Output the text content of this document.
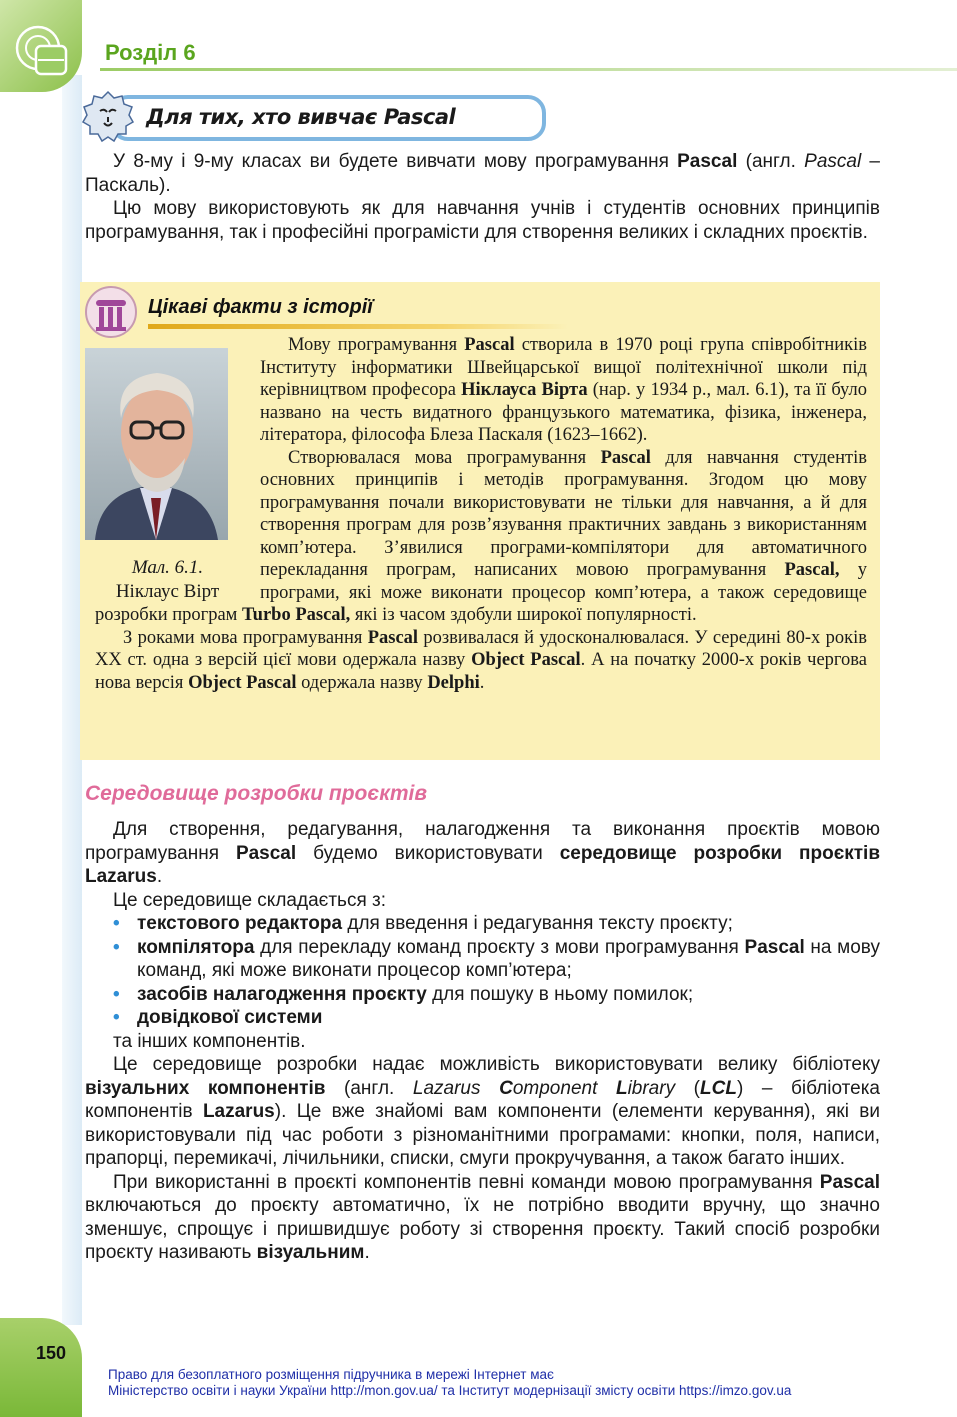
Розділ 6
Для тих, хто вивчає Pascal

У 8-му і 9-му класах ви будете вивчати мову програмування Pascal (англ. Pascal – Паскаль).

Цю мову використовують як для навчання учнів і студентів основних принципів програмування, так і професійні програмісти для створення великих і складних проєктів.

Цікаві факти з історії
Мал. 6.1.
Ніклаус Вірт

Мову програмування Pascal створила в 1970 році група співробітників Інституту інформатики Швейцарської вищої політехнічної школи під керівництвом професора Ніклауса Вірта (нар. у 1934 р., мал. 6.1), та її було названо на честь видатного французького математика, фізика, інженера, літератора, філософа Блеза Паскаля (1623–1662).

Створювалася мова програмування Pascal для навчання студентів основних принципів і методів програмування. Згодом цю мову програмування почали використовувати не тільки для навчання, а й для створення програм для розв’язування практичних завдань з використанням комп’ютера. З’явилися програми-компілятори для автоматичного перекладання програм, написаних мовою програмування Pascal, у програми, які може виконати процесор комп’ютера, а також середовище розробки програм Turbo Pascal, які із часом здобули широкої популярності.

З роками мова програмування Pascal розвивалася й удосконалювалася. У середині 80-х років XX ст. одна з версій цієї мови одержала назву Object Pascal. А на початку 2000-х років чергова нова версія Object Pascal одержала назву Delphi.

Середовище розробки проєктів

Для створення, редагування, налагодження та виконання проєктів мовою програмування Pascal будемо використовувати середовище розробки проєктів Lazarus.

Це середовище складається з:

• текстового редактора для введення і редагування тексту проєкту;
• компілятора для перекладу команд проєкту з мови програмування Pascal на мову команд, які може виконати процесор комп’ютера;
• засобів налагодження проєкту для пошуку в ньому помилок;
• довідкової системи

та інших компонентів.

Це середовище розробки надає можливість використовувати велику бібліотеку візуальних компонентів (англ. Lazarus Component Library (LCL) – бібліотека компонентів Lazarus). Це вже знайомі вам компоненти (елементи керування), які ви використовували під час роботи з різноманітними програмами: кнопки, поля, написи, прапорці, перемикачі, лічильники, списки, смуги прокручування, а також багато інших.

При використанні в проєкті компонентів певні команди мовою програмування Pascal включаються до проєкту автоматично, їх не потрібно вводити вручну, що значно зменшує, спрощує і пришвидшує роботу зі створення проєкту. Такий спосіб розробки проєкту називають візуальним.

150
Право для безоплатного розміщення підручника в мережі Інтернет має
Міністерство освіти і науки України http://mon.gov.ua/ та Інститут модернізації змісту освіти https://imzo.gov.ua
